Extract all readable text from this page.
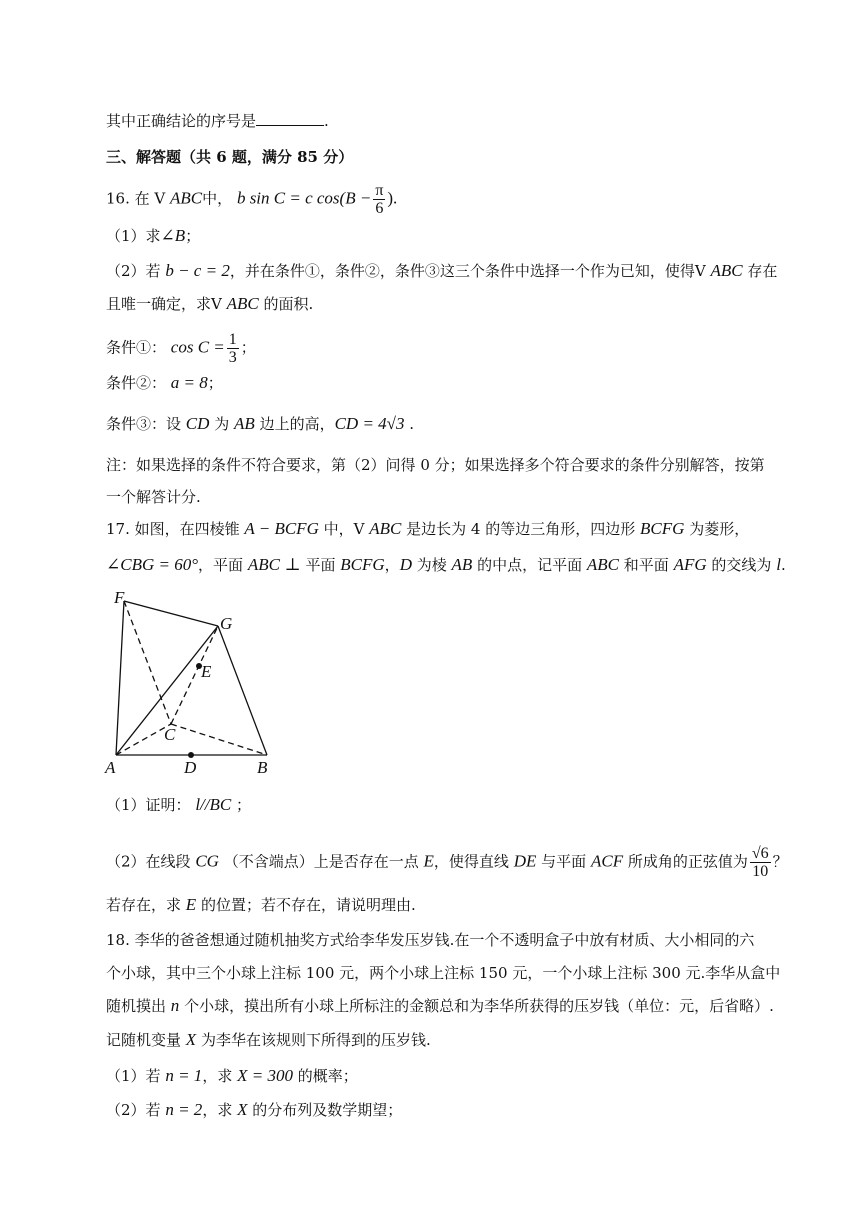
其中正确结论的序号是	.
三、解答题（共 6 题，满分 85 分）
16. 在 V ABC中， b sin C = c $\cos(B - \frac{\pi}{6}$ ).
（1）求∠B；
（2）若 b − c = 2，并在条件①，条件②，条件③这三个条件中选择一个作为已知，使得V ABC 存在
且唯一确定，求V ABC 的面积.
条件①： $\cos C = \frac{1}{3}$ ；
条件②： a = 8；
条件③：设 CD 为 AB 边上的高，CD = 4√3 .
注：如果选择的条件不符合要求，第（2）问得 0 分；如果选择多个符合要求的条件分别解答，按第
一个解答计分.
17. 如图，在四棱锥 A − BCFG 中，V ABC 是边长为 4 的等边三角形，四边形 BCFG 为菱形，
∠CBG = 60°，平面 ABC ⊥ 平面 BCFG，D 为棱 AB 的中点，记平面 ABC 和平面 AFG 的交线为 l.
F
G
E
C
A	D	B
（1）证明： l//BC ；
（2）在线段 CG （不含端点）上是否存在一点 E，使得直线 DE 与平面 ACF 所成角的正弦值为 $\frac{√6}{10}$ ？
若存在，求 E 的位置；若不存在，请说明理由.
18. 李华的爸爸想通过随机抽奖方式给李华发压岁钱.在一个不透明盒子中放有材质、大小相同的六
个小球，其中三个小球上注标 100 元，两个小球上注标 150 元，一个小球上注标 300 元.李华从盒中
随机摸出 n 个小球，摸出所有小球上所标注的金额总和为李华所获得的压岁钱（单位：元，后省略）.
记随机变量 X 为李华在该规则下所得到的压岁钱.
（1）若 n = 1，求 X = 300 的概率；
（2）若 n = 2，求 X 的分布列及数学期望；
